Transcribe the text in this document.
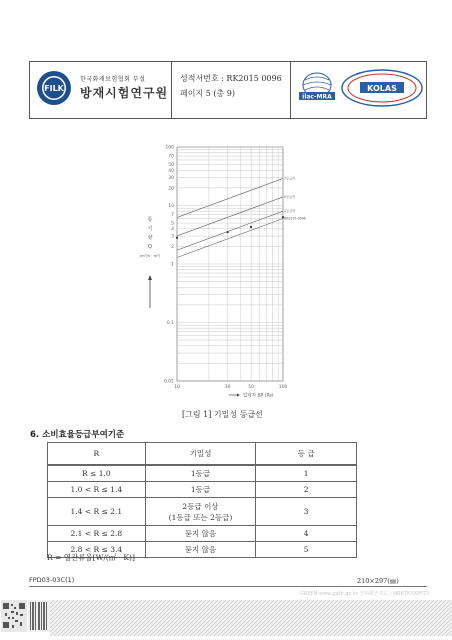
FILK
한국화재보험협회 부설
방재시험연구원
성적서번호 : RK2015 0096
페이지 5 (총 9)	ilac-MRA
KOLAS
7등급선
5등급선
1등급선
RK2015-0096
100
70
50
40
30
20
10
7
5
4
3
2
1
0.1
0.01
10	30	50	100
압력차 ΔP (Pa)
통
기
량
Q
(m³/h · m²)
[그림 1] 기밀성 등급선
6. 소비효율등급부여기준
R	기밀성	등 급
R ≤ 1.0	1등급	1
1.0 < R ≤ 1.4	1등급	2
1.4 < R ≤ 2.1	2등급 이상
(1등급 또는 2등급)	3
2.1 < R ≤ 2.8	묻지 않음	4
2.8 < R ≤ 3.4	묻지 않음	5
R = 열관류율[W/(㎡ · K)]
FPD03-03C(1)	210×297(㎜)
GREEN www.gafb.go.kr 진위확인코드 : NRBTKXXPFZY
